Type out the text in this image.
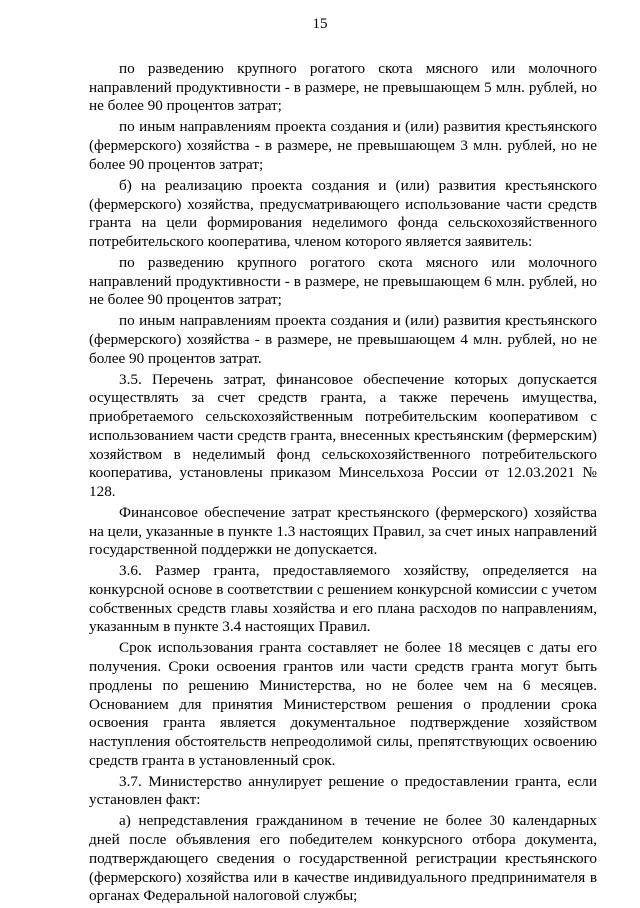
15

по разведению крупного рогатого скота мясного или молочного направлений продуктивности - в размере, не превышающем 5 млн. рублей, но не более 90 процентов затрат;

по иным направлениям проекта создания и (или) развития крестьянского (фермерского) хозяйства - в размере, не превышающем 3 млн. рублей, но не более 90 процентов затрат;

б) на реализацию проекта создания и (или) развития крестьянского (фермерского) хозяйства, предусматривающего использование части средств гранта на цели формирования неделимого фонда сельскохозяйственного потребительского кооператива, членом которого является заявитель:

по разведению крупного рогатого скота мясного или молочного направлений продуктивности - в размере, не превышающем 6 млн. рублей, но не более 90 процентов затрат;

по иным направлениям проекта создания и (или) развития крестьянского (фермерского) хозяйства - в размере, не превышающем 4 млн. рублей, но не более 90 процентов затрат.

3.5. Перечень затрат, финансовое обеспечение которых допускается осуществлять за счет средств гранта, а также перечень имущества, приобретаемого сельскохозяйственным потребительским кооперативом с использованием части средств гранта, внесенных крестьянским (фермерским) хозяйством в неделимый фонд сельскохозяйственного потребительского кооператива, установлены приказом Минсельхоза России от 12.03.2021 № 128.

Финансовое обеспечение затрат крестьянского (фермерского) хозяйства на цели, указанные в пункте 1.3 настоящих Правил, за счет иных направлений государственной поддержки не допускается.

3.6. Размер гранта, предоставляемого хозяйству, определяется на конкурсной основе в соответствии с решением конкурсной комиссии с учетом собственных средств главы хозяйства и его плана расходов по направлениям, указанным в пункте 3.4 настоящих Правил.

Срок использования гранта составляет не более 18 месяцев с даты его получения. Сроки освоения грантов или части средств гранта могут быть продлены по решению Министерства, но не более чем на 6 месяцев. Основанием для принятия Министерством решения о продлении срока освоения гранта является документальное подтверждение хозяйством наступления обстоятельств непреодолимой силы, препятствующих освоению средств гранта в установленный срок.

3.7. Министерство аннулирует решение о предоставлении гранта, если установлен факт:

а) непредставления гражданином в течение не более 30 календарных дней после объявления его победителем конкурсного отбора документа, подтверждающего сведения о государственной регистрации крестьянского (фермерского) хозяйства или в качестве индивидуального предпринимателя в органах Федеральной налоговой службы;
